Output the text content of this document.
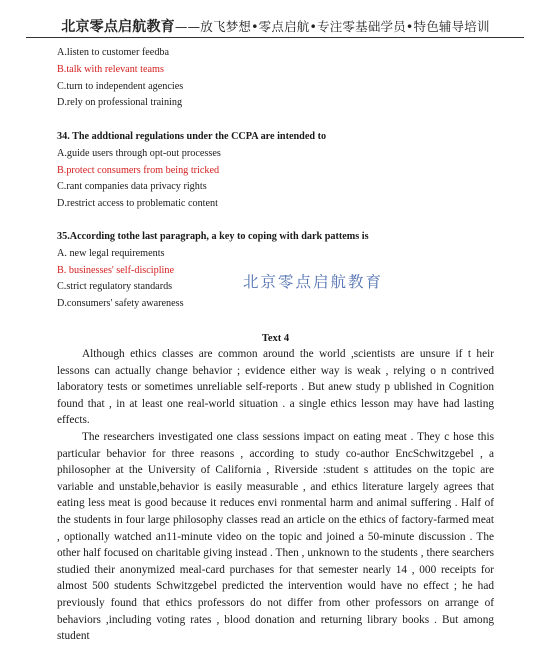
北京零点启航教育——放飞梦想•零点启航•专注零基础学员•特色辅导培训
A.listen to customer feedba
B.talk with relevant teams
C.turn to independent agencies
D.rely on professional training
34. The addtional regulations under the CCPA are intended to
A.guide users through opt-out processes
B.protect consumers from being tricked
C.rant companies data privacy rights
D.restrict access to problematic content
35.According tothe last paragraph, a key to coping with dark pattems is
A. new legal requirements
B. businesses' self-discipline
C.strict regulatory standards
D.consumers' safety awareness
北京零点启航教育
Text 4

Although ethics classes are common around the world ,scientists are unsure if t heir lessons can actually change behavior ; evidence either way is weak , relying o n contrived laboratory tests or sometimes unreliable self-reports . But anew study p ublished in Cognition found that , in at least one real-world situation . a single ethics lesson may have had lasting effects.

The researchers investigated one class sessions impact on eating meat . They c hose this particular behavior for three reasons , according to study co-author EncSchwitzgebel , a philosopher at the University of California , Riverside :student s attitudes on the topic are variable and unstable,behavior is easily measurable , and ethics literature largely agrees that eating less meat is good because it reduces envi ronmental harm and animal suffering . Half of the students in four large philosophy classes read an article on the ethics of factory-farmed meat , optionally watched an11-minute video on the topic and joined a 50-minute discussion . The other half focused on charitable giving instead . Then , unknown to the students , there searchers studied their anonymized meal-card purchases for that semester nearly 14 , 000 receipts for almost 500 students Schwitzgebel predicted the intervention would have no effect ; he had previously found that ethics professors do not differ from other professors on arrange of behaviors ,including voting rates , blood donation and returning library books . But among student
